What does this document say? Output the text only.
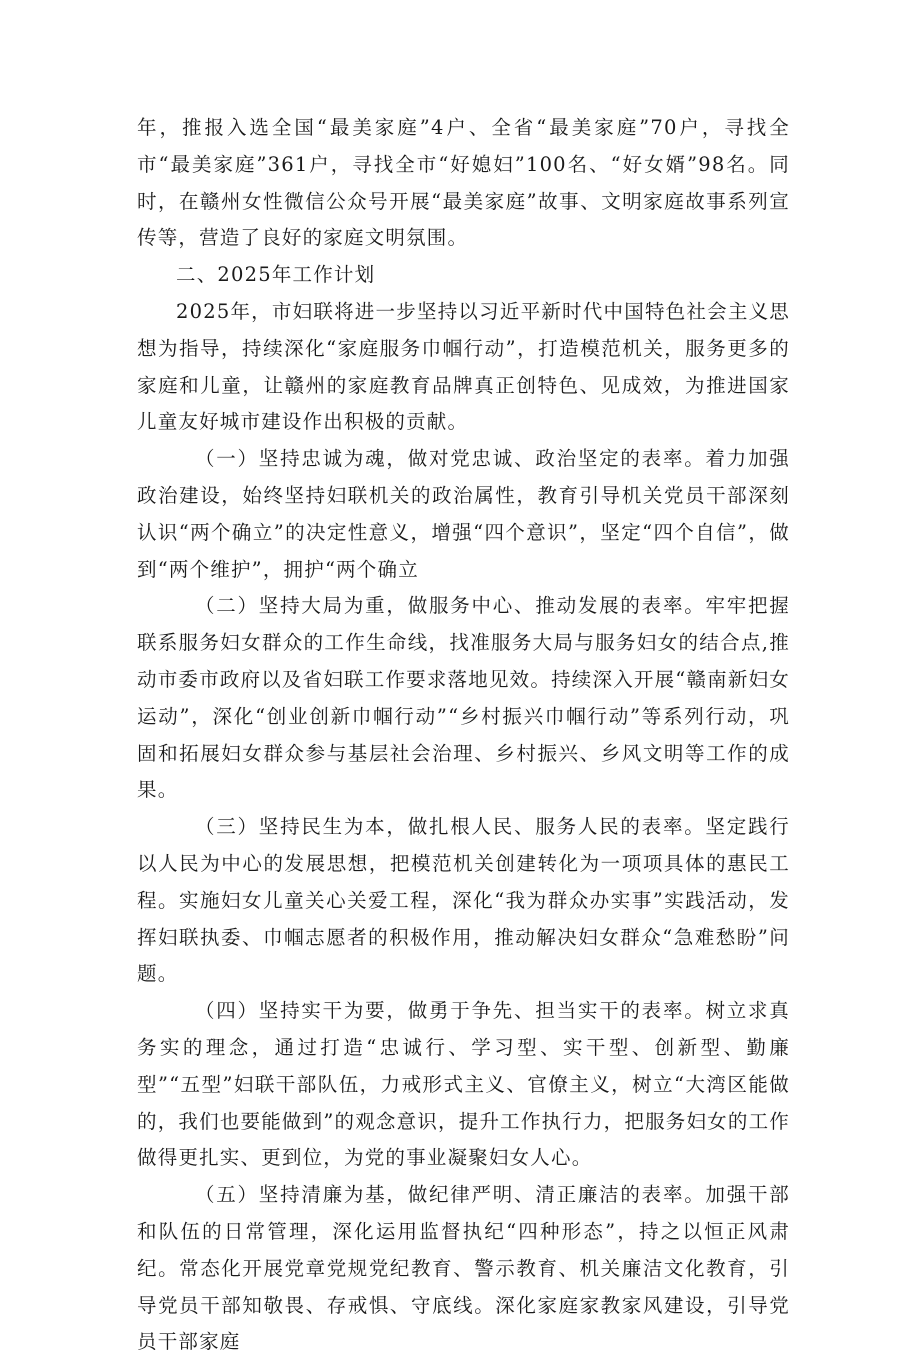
年，推报入选全国“最美家庭”4户、全省“最美家庭”70户，寻找全市“最美家庭”361户，寻找全市“好媳妇”100名、“好女婿”98名。同时，在赣州女性微信公众号开展“最美家庭”故事、文明家庭故事系列宣传等，营造了良好的家庭文明氛围。

二、2025年工作计划

2025年，市妇联将进一步坚持以习近平新时代中国特色社会主义思想为指导，持续深化“家庭服务巾帼行动”，打造模范机关，服务更多的家庭和儿童，让赣州的家庭教育品牌真正创特色、见成效，为推进国家儿童友好城市建设作出积极的贡献。

（一）坚持忠诚为魂，做对党忠诚、政治坚定的表率。着力加强政治建设，始终坚持妇联机关的政治属性，教育引导机关党员干部深刻认识“两个确立”的决定性意义，增强“四个意识”，坚定“四个自信”，做到“两个维护”，拥护“两个确立

（二）坚持大局为重，做服务中心、推动发展的表率。牢牢把握联系服务妇女群众的工作生命线，找准服务大局与服务妇女的结合点,推动市委市政府以及省妇联工作要求落地见效。持续深入开展“赣南新妇女运动”，深化“创业创新巾帼行动”“乡村振兴巾帼行动”等系列行动，巩固和拓展妇女群众参与基层社会治理、乡村振兴、乡风文明等工作的成果。

（三）坚持民生为本，做扎根人民、服务人民的表率。坚定践行以人民为中心的发展思想，把模范机关创建转化为一项项具体的惠民工程。实施妇女儿童关心关爱工程，深化“我为群众办实事”实践活动，发挥妇联执委、巾帼志愿者的积极作用，推动解决妇女群众“急难愁盼”问题。

（四）坚持实干为要，做勇于争先、担当实干的表率。树立求真务实的理念，通过打造“忠诚行、学习型、实干型、创新型、勤廉型”“五型”妇联干部队伍，力戒形式主义、官僚主义，树立“大湾区能做的，我们也要能做到”的观念意识，提升工作执行力，把服务妇女的工作做得更扎实、更到位，为党的事业凝聚妇女人心。

（五）坚持清廉为基，做纪律严明、清正廉洁的表率。加强干部和队伍的日常管理，深化运用监督执纪“四种形态”，持之以恒正风肃纪。常态化开展党章党规党纪教育、警示教育、机关廉洁文化教育，引导党员干部知敬畏、存戒惧、守底线。深化家庭家教家风建设，引导党员干部家庭
